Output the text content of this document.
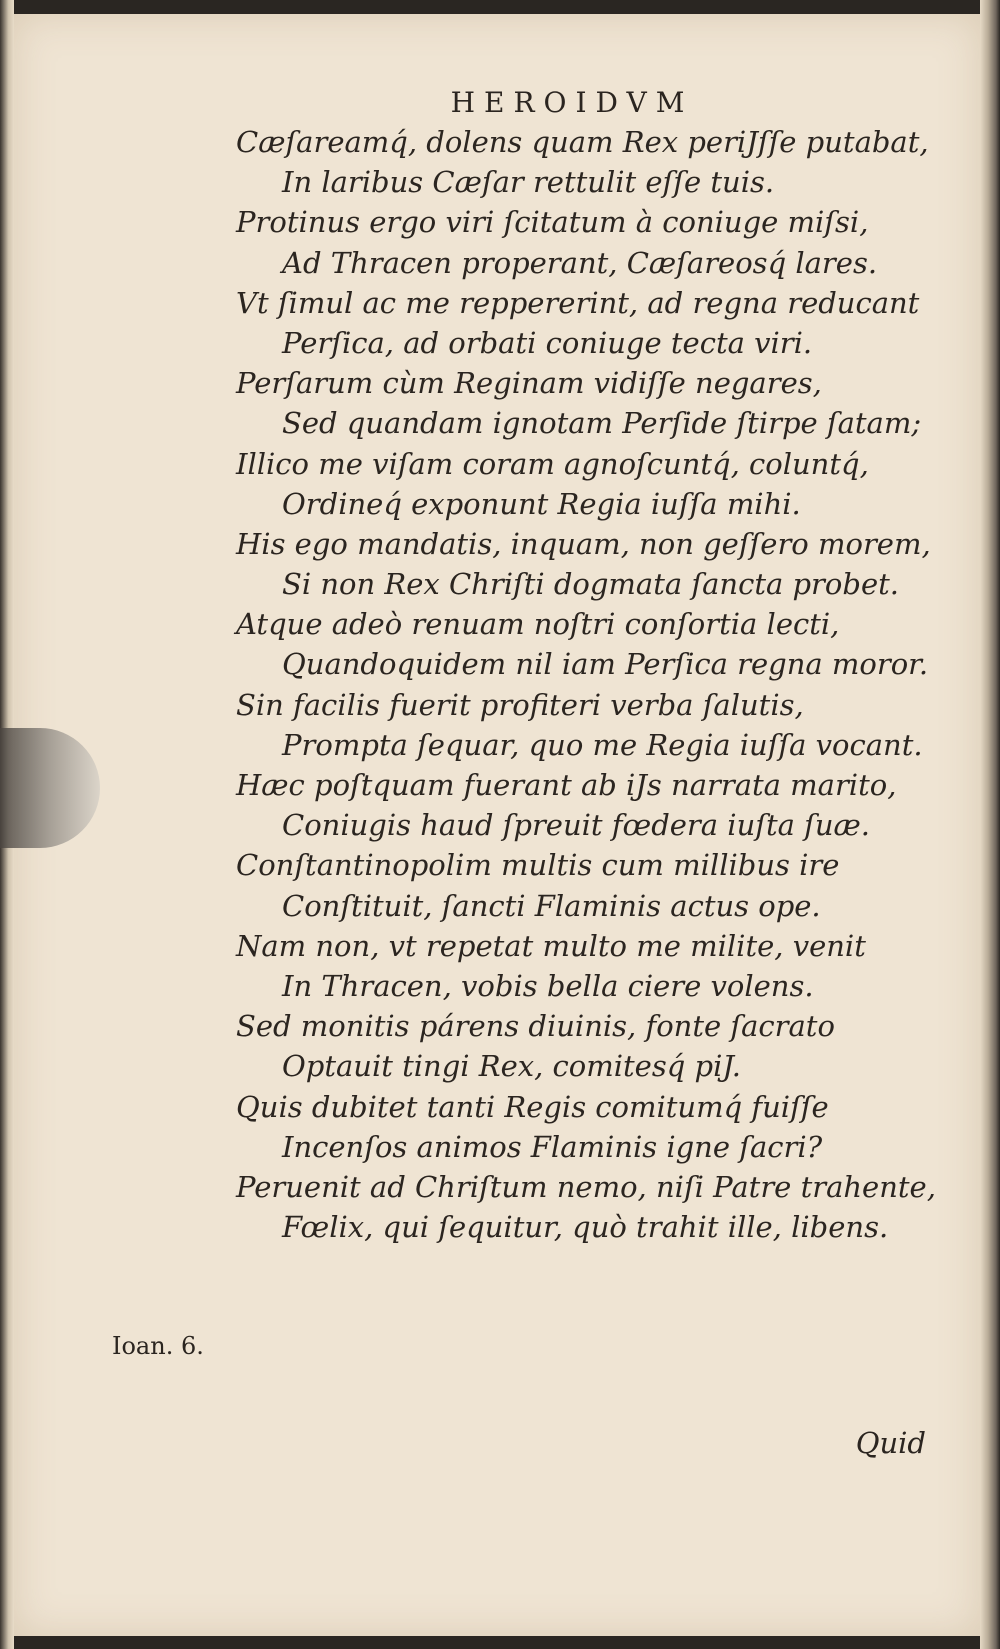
HEROIDVM
Cæſareamq́, dolens quam Rex periJſſe putabat,
In laribus Cæſar rettulit eſſe tuis.
Protinus ergo viri ſcitatum à coniuge miſsi,
Ad Thracen properant, Cæſareosq́ lares.
Vt ſimul ac me reppererint, ad regna reducant
Perſica, ad orbati coniuge tecta viri.
Perſarum cùm Reginam vidiſſe negares,
Sed quandam ignotam Perſide ſtirpe ſatam;
Illico me viſam coram agnoſcuntq́, coluntq́,
Ordineq́ exponunt Regia iuſſa mihi.
His ego mandatis, inquam, non geſſero morem,
Si non Rex Chriſti dogmata ſancta probet.
Atque adeò renuam noſtri conſortia lecti,
Quandoquidem nil iam Perſica regna moror.
Sin facilis fuerit profiteri verba ſalutis,
Prompta ſequar, quo me Regia iuſſa vocant.
Hæc poſtquam fuerant ab iJs narrata marito,
Coniugis haud ſpreuit fœdera iuſta ſuæ.
Conſtantinopolim multis cum millibus ire
Conſtituit, ſancti Flaminis actus ope.
Nam non, vt repetat multo me milite, venit
In Thracen, vobis bella ciere volens.
Sed monitis párens diuinis, fonte ſacrato
Optauit tingi Rex, comitesq́ piJ.
Quis dubitet tanti Regis comitumq́ fuiſſe
Incenſos animos Flaminis igne ſacri?
Peruenit ad Chriſtum nemo, niſi Patre trahente,
Fœlix, qui ſequitur, quò trahit ille, libens.
Ioan. 6.
Quid
